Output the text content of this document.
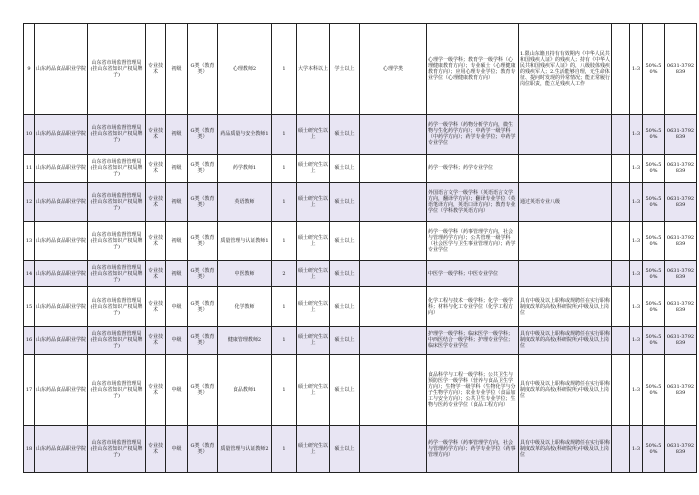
9	山东药品食品职业学院	山东省市场监督管理局(挂山东省知识产权局牌子)	专业技术	初级	G类（教育类）	心理教师2	1	大学本科以上	学士以上	心理学类	心理学一级学科；教育学一级学科（心理健康教育方向）；专业硕士（心理健康教育方向）；应用心理专业学位；教育专业学位（心理健康教育方向）	1.限山东籍且持有有效期内《中华人民共和国残疾人证》的残疾人；持有《中华人民共和国残疾军人证》的，八级肢体残疾的残疾军人；2.生活能够自理，无生命体征、提问时发现的异常情况；能正常履行岗位职责，能立足残疾人工作		1:3	50%:50%	0631-3792839
10	山东药品食品职业学院	山东省市场监督管理局(挂山东省知识产权局牌子)	专业技术	初级	G类（教育类）	药品质量与安全教师1	1	硕士研究生以上	硕士以上		药学一级学科（药物分析学方向，微生物与生化药学方向）；中药学一级学科（中药学方向）；药学专业学位；中药学专业学位			1:3	50%:50%	0631-3792839
11	山东药品食品职业学院	山东省市场监督管理局(挂山东省知识产权局牌子)	专业技术	初级	G类（教育类）	药学教师1	1	硕士研究生以上	硕士以上		药学一级学科；药学专业学位			1:3	50%:50%	0631-3792839
12	山东药品食品职业学院	山东省市场监督管理局(挂山东省知识产权局牌子)	专业技术	初级	G类（教育类）	英语教师	1	硕士研究生以上	硕士以上		外国语言文学一级学科（英语语言文学方向，翻译学方向）；翻译专业学位（英语笔译方向，英语口译方向）；教育专业学位（学科教学英语方向）	通过英语专业八级		1:3	50%:50%	0631-3792839
13	山东药品食品职业学院	山东省市场监督管理局(挂山东省知识产权局牌子)	专业技术	初级	G类（教育类）	质量管理与认证教师1	1	硕士研究生以上	硕士以上		药学一级学科（药事管理学方向，社会与管理药学方向）；公共管理一级学科（社会医学与卫生事业管理方向）；药学专业学位			1:3	50%:50%	0631-3792839
14	山东药品食品职业学院	山东省市场监督管理局(挂山东省知识产权局牌子)	专业技术	初级	G类（教育类）	中医教师	2	硕士研究生以上	硕士以上		中医学一级学科；中医专业学位			1:3	50%:50%	0631-3792839
15	山东药品食品职业学院	山东省市场监督管理局(挂山东省知识产权局牌子)	专业技术	中级	G类（教育类）	化学教师	1	硕士研究生以上	硕士以上		化学工程与技术一级学科；化学一级学科；材料与化工专业学位（化学工程方向）	具有中级及以上职称或规聘任在实行职称制度改革的高校(科研院所)中级及以上岗位		1:3	50%:50%	0631-3792839
16	山东药品食品职业学院	山东省市场监督管理局(挂山东省知识产权局牌子)	专业技术	中级	G类（教育类）	健康管理教师2	1	硕士研究生以上	硕士以上		护理学一级学科；临床医学一级学科；中西医结合一级学科；护理专业学位；临床医学专业学位	具有中级及以上职称或规聘任在实行职称制度改革的高校(科研院所)中级及以上岗位		1:3	50%:50%	0631-3792839
17	山东药品食品职业学院	山东省市场监督管理局(挂山东省知识产权局牌子)	专业技术	中级	G类（教育类）	食品教师1	1	硕士研究生以上	硕士以上		食品科学与工程一级学科；公共卫生与预防医学一级学科（营养与食品卫生学方向）；生物学一级学科（生物化学与分子生物学方向）；农业专业学位（食品加工与安全方向）；公共卫生专业学位；生物与医药专业学位（食品工程方向）	具有中级及以上职称或规聘任在实行职称制度改革的高校(科研院所)中级及以上岗位		1:3	50%:50%	0631-3792839
18	山东药品食品职业学院	山东省市场监督管理局(挂山东省知识产权局牌子)	专业技术	中级	G类（教育类）	质量管理与认证教师2	1	硕士研究生以上	硕士以上		药学一级学科（药事管理学方向，社会与管理药学方向）；药学专业学位（药事管理方向）	具有中级及以上职称或规聘任在实行职称制度改革的高校(科研院所)中级及以上岗位		1:3	50%:50%	0631-3792839
